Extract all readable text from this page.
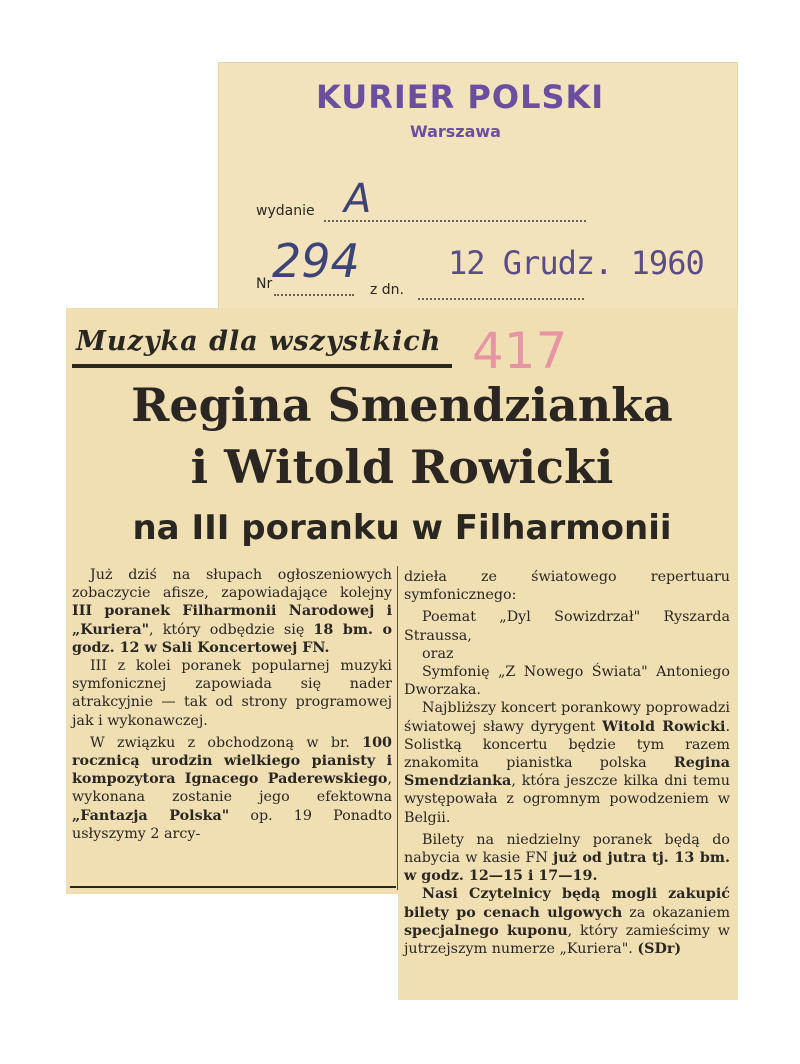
KURIER POLSKI
Warszawa
wydanie A
Nr 294
z dn.
12 Grudz. 1960
417
Muzyka dla wszystkich
Regina Smendzianka
i Witold Rowicki
na III poranku w Filharmonii

Już dziś na słupach ogłoszeniowych zobaczycie afisze, zapowiadające kolejny III poranek Filharmonii Narodowej i „Kuriera", który odbędzie się 18 bm. o godz. 12 w Sali Koncertowej FN.

III z kolei poranek popularnej muzyki symfonicznej zapowiada się nader atrakcyjnie — tak od strony programowej jak i wykonawczej.

W związku z obchodzoną w br. 100 rocznicą urodzin wielkiego pianisty i kompozytora Ignacego Paderewskiego, wykonana zostanie jego efektowna „Fantazja Polska" op. 19 Ponadto usłyszymy 2 arcy-

dzieła ze światowego repertuaru symfonicznego:

Poemat „Dyl Sowizdrzał" Ryszarda Straussa,

oraz

Symfonię „Z Nowego Świata" Antoniego Dworzaka.

Najbliższy koncert porankowy poprowadzi światowej sławy dyrygent Witold Rowicki. Solistką koncertu będzie tym razem znakomita pianistka polska Regina Smendzianka, która jeszcze kilka dni temu występowała z ogromnym powodzeniem w Belgii.

Bilety na niedzielny poranek będą do nabycia w kasie FN już od jutra tj. 13 bm. w godz. 12—15 i 17—19.

Nasi Czytelnicy będą mogli zakupić bilety po cenach ulgowych za okazaniem specjalnego kuponu, który zamieścimy w jutrzejszym numerze „Kuriera". (SDr)
